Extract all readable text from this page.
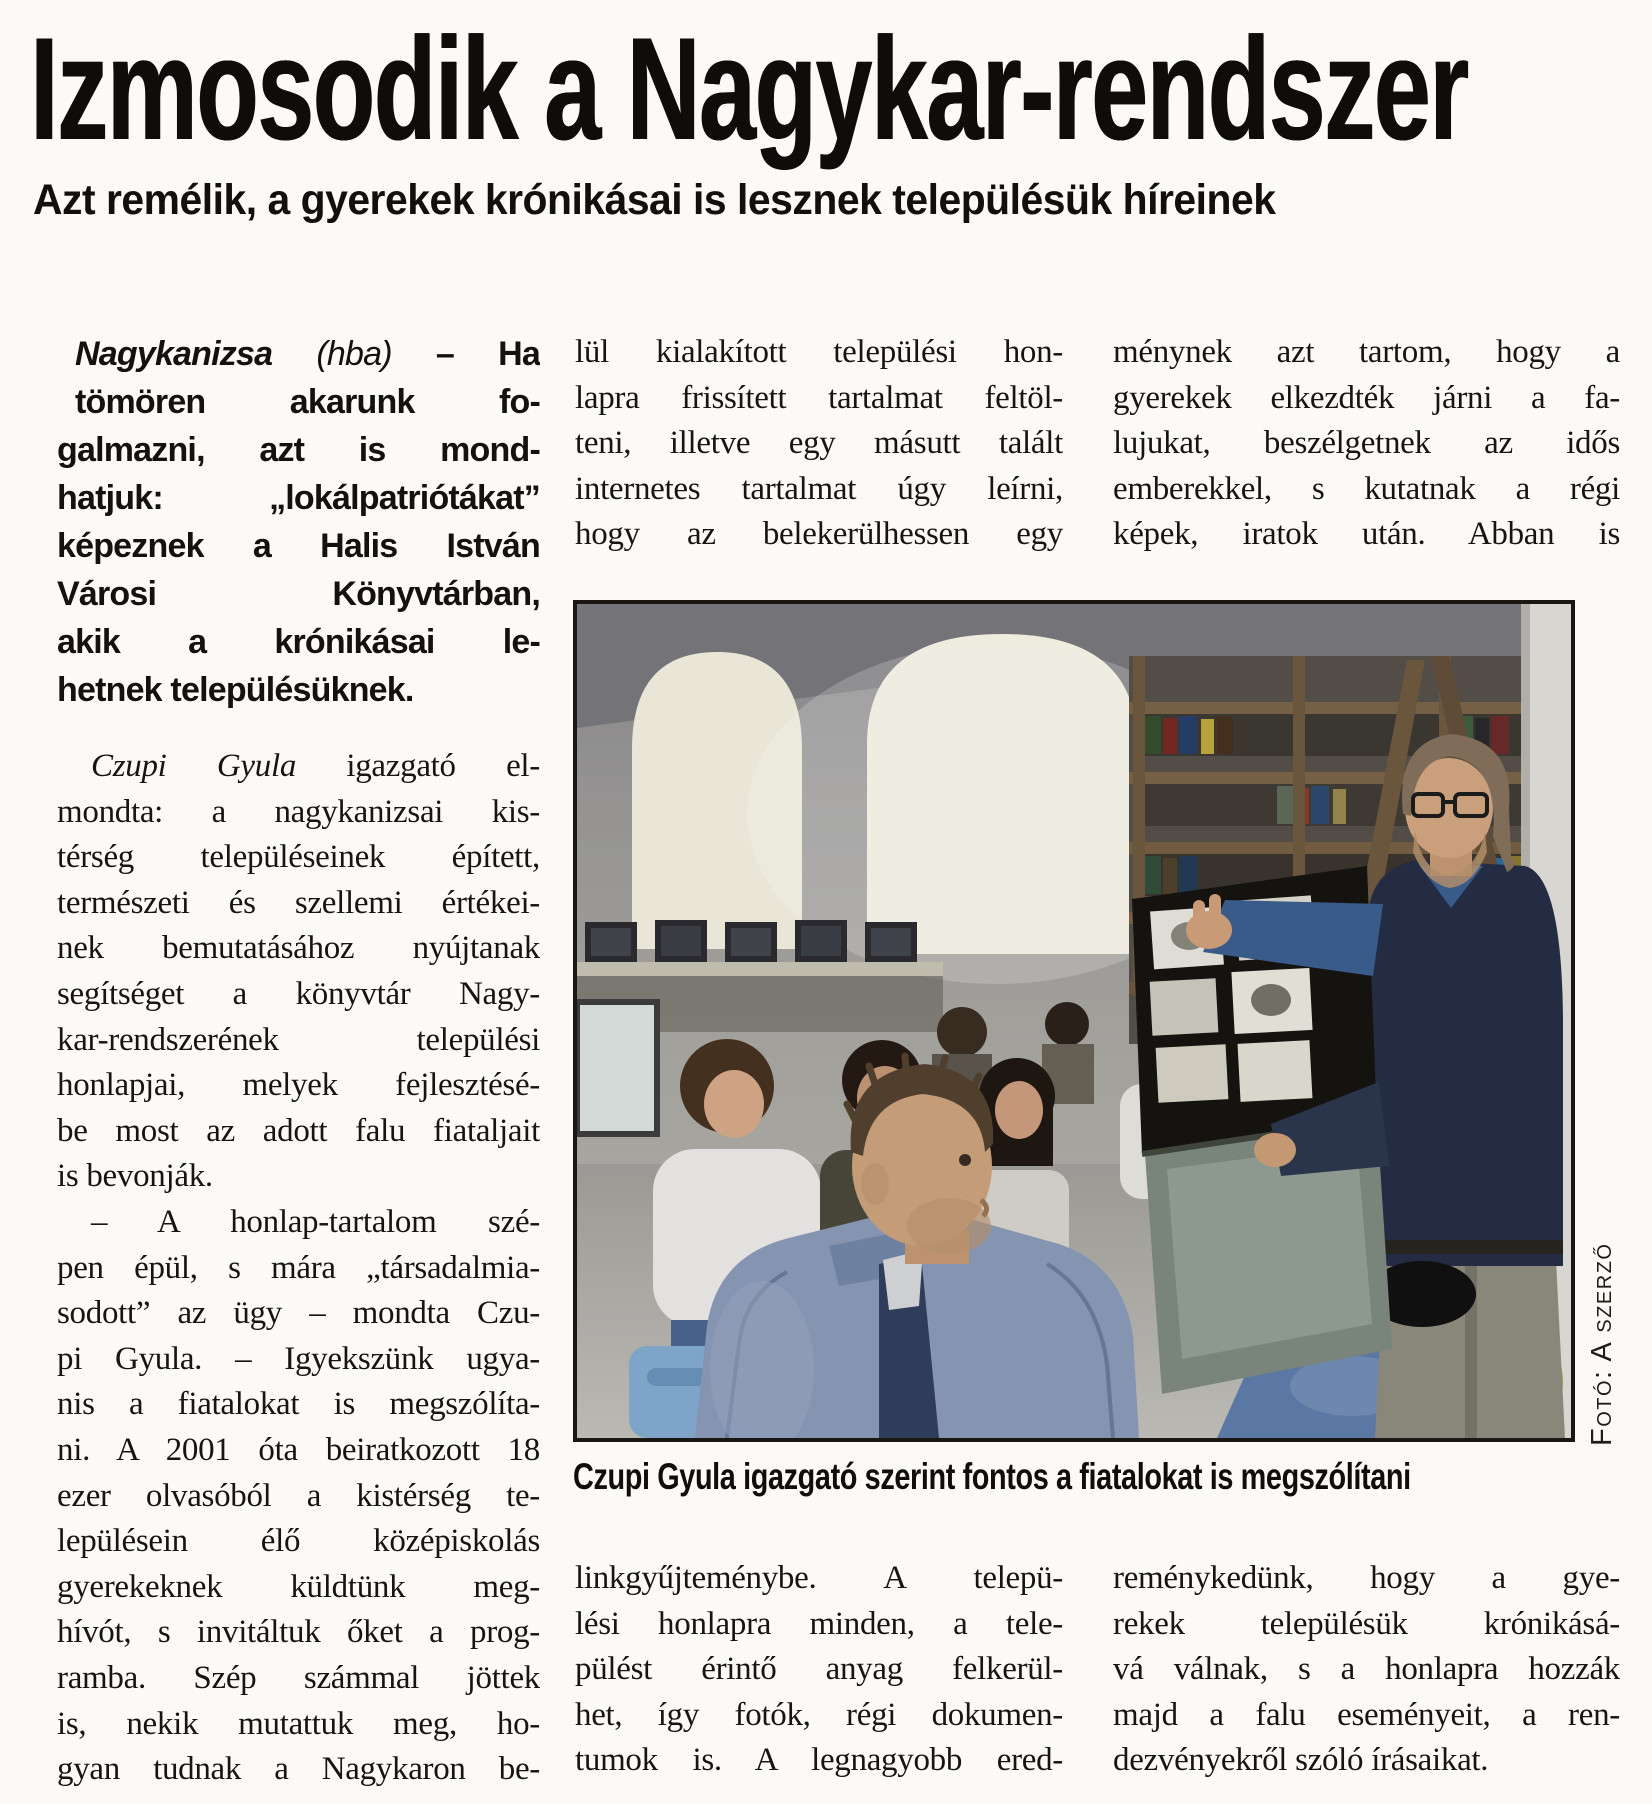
Izmosodik a Nagykar-rendszer
Azt remélik, a gyerekek krónikásai is lesznek településük híreinek
Nagykanizsa (hba) – Ha
tömören akarunk fo-
galmazni, azt is mond-
hatjuk: „lokálpatriótákat”
képeznek a Halis István
Városi Könyvtárban,
akik a krónikásai le-
hetnek településüknek.
Czupi Gyula igazgató el-
mondta: a nagykanizsai kis-
térség településeinek épített,
természeti és szellemi értékei-
nek bemutatásához nyújtanak
segítséget a könyvtár Nagy-
kar-rendszerének települési
honlapjai, melyek fejlesztésé-
be most az adott falu fiataljait
is bevonják.
– A honlap-tartalom szé-
pen épül, s mára „társadalmia-
sodott” az ügy – mondta Czu-
pi Gyula. – Igyekszünk ugya-
nis a fiatalokat is megszólíta-
ni. A 2001 óta beiratkozott 18
ezer olvasóból a kistérség te-
lepülésein élő középiskolás
gyerekeknek küldtünk meg-
hívót, s invitáltuk őket a prog-
ramba. Szép számmal jöttek
is, nekik mutattuk meg, ho-
gyan tudnak a Nagykaron be-
lül kialakított települési hon-
lapra frissített tartalmat feltöl-
teni, illetve egy másutt talált
internetes tartalmat úgy leírni,
hogy az belekerülhessen egy
ménynek azt tartom, hogy a
gyerekek elkezdték járni a fa-
lujukat, beszélgetnek az idős
emberekkel, s kutatnak a régi
képek, iratok után. Abban is
Czupi Gyula igazgató szerint fontos a fiatalokat is megszólítani
Fotó: A szerző
linkgyűjteménybe. A telepü-
lési honlapra minden, a tele-
pülést érintő anyag felkerül-
het, így fotók, régi dokumen-
tumok is. A legnagyobb ered-
reménykedünk, hogy a gye-
rekek településük krónikásá-
vá válnak, s a honlapra hozzák
majd a falu eseményeit, a ren-
dezvényekről szóló írásaikat.
